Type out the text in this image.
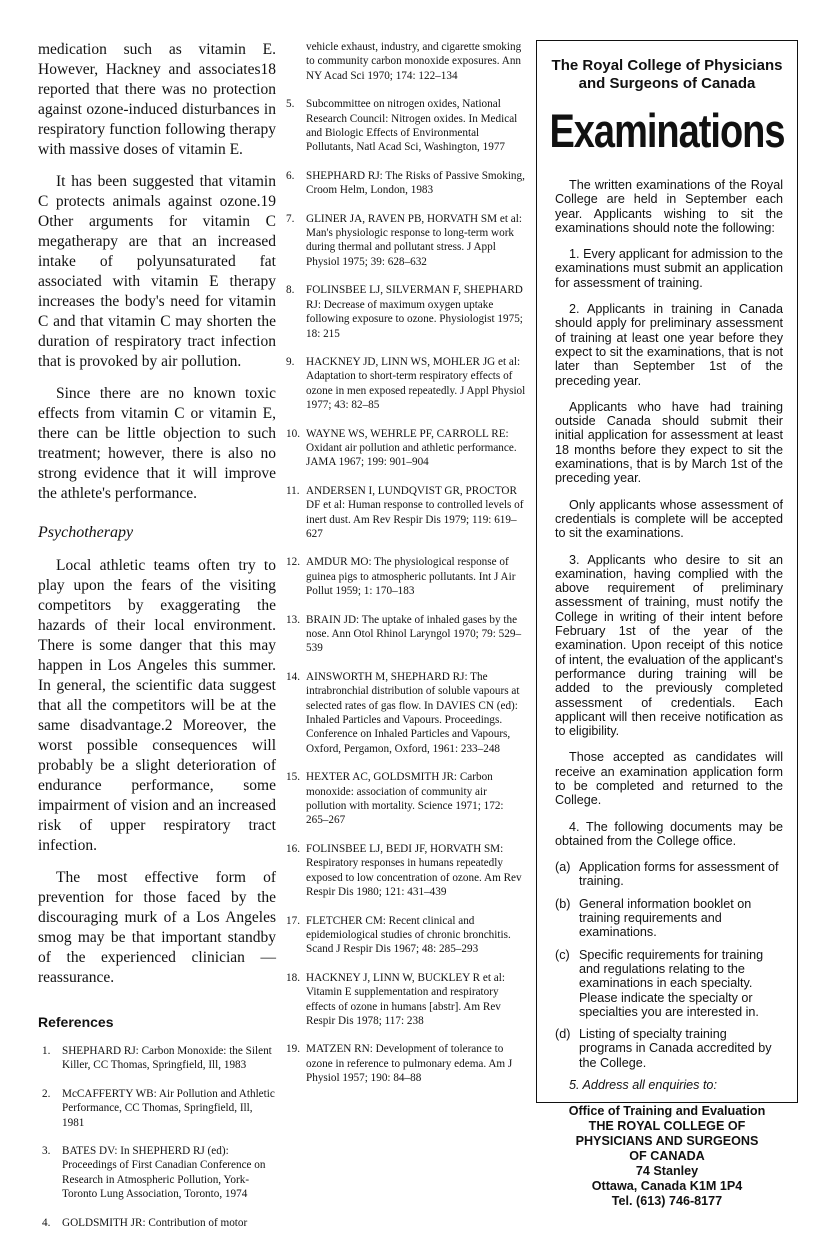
medication such as vitamin E. However, Hackney and associates18 reported that there was no protection against ozone-induced disturbances in respiratory function following therapy with massive doses of vitamin E.

It has been suggested that vitamin C protects animals against ozone.19 Other arguments for vitamin C megatherapy are that an increased intake of polyunsaturated fat associated with vitamin E therapy increases the body's need for vitamin C and that vitamin C may shorten the duration of respiratory tract infection that is provoked by air pollution.

Since there are no known toxic effects from vitamin C or vitamin E, there can be little objection to such treatment; however, there is also no strong evidence that it will improve the athlete's performance.

Psychotherapy

Local athletic teams often try to play upon the fears of the visiting competitors by exaggerating the hazards of their local environment. There is some danger that this may happen in Los Angeles this summer. In general, the scientific data suggest that all the competitors will be at the same disadvantage.2 Moreover, the worst possible consequences will probably be a slight deterioration of endurance performance, some impairment of vision and an increased risk of upper respiratory tract infection.

The most effective form of prevention for those faced by the discouraging murk of a Los Angeles smog may be that important standby of the experienced clinician — reassurance.

References
1. SHEPHARD RJ: Carbon Monoxide: the Silent Killer, CC Thomas, Springfield, Ill, 1983
2. McCAFFERTY WB: Air Pollution and Athletic Performance, CC Thomas, Springfield, Ill, 1981
3. BATES DV: In SHEPHERD RJ (ed): Proceedings of First Canadian Conference on Research in Atmospheric Pollution, York-Toronto Lung Association, Toronto, 1974
4. GOLDSMITH JR: Contribution of motor
vehicle exhaust, industry, and cigarette smoking to community carbon monoxide exposures. Ann NY Acad Sci 1970; 174: 122–134
5. Subcommittee on nitrogen oxides, National Research Council: Nitrogen oxides. In Medical and Biologic Effects of Environmental Pollutants, Natl Acad Sci, Washington, 1977
6. SHEPHARD RJ: The Risks of Passive Smoking, Croom Helm, London, 1983
7. GLINER JA, RAVEN PB, HORVATH SM et al: Man's physiologic response to long-term work during thermal and pollutant stress. J Appl Physiol 1975; 39: 628–632
8. FOLINSBEE LJ, SILVERMAN F, SHEPHARD RJ: Decrease of maximum oxygen uptake following exposure to ozone. Physiologist 1975; 18: 215
9. HACKNEY JD, LINN WS, MOHLER JG et al: Adaptation to short-term respiratory effects of ozone in men exposed repeatedly. J Appl Physiol 1977; 43: 82–85
10. WAYNE WS, WEHRLE PF, CARROLL RE: Oxidant air pollution and athletic performance. JAMA 1967; 199: 901–904
11. ANDERSEN I, LUNDQVIST GR, PROCTOR DF et al: Human response to controlled levels of inert dust. Am Rev Respir Dis 1979; 119: 619–627
12. AMDUR MO: The physiological response of guinea pigs to atmospheric pollutants. Int J Air Pollut 1959; 1: 170–183
13. BRAIN JD: The uptake of inhaled gases by the nose. Ann Otol Rhinol Laryngol 1970; 79: 529–539
14. AINSWORTH M, SHEPHARD RJ: The intrabronchial distribution of soluble vapours at selected rates of gas flow. In DAVIES CN (ed): Inhaled Particles and Vapours. Proceedings. Conference on Inhaled Particles and Vapours, Oxford, Pergamon, Oxford, 1961: 233–248
15. HEXTER AC, GOLDSMITH JR: Carbon monoxide: association of community air pollution with mortality. Science 1971; 172: 265–267
16. FOLINSBEE LJ, BEDI JF, HORVATH SM: Respiratory responses in humans repeatedly exposed to low concentration of ozone. Am Rev Respir Dis 1980; 121: 431–439
17. FLETCHER CM: Recent clinical and epidemiological studies of chronic bronchitis. Scand J Respir Dis 1967; 48: 285–293
18. HACKNEY J, LINN W, BUCKLEY R et al: Vitamin E supplementation and respiratory effects of ozone in humans [abstr]. Am Rev Respir Dis 1978; 117: 238
19. MATZEN RN: Development of tolerance to ozone in reference to pulmonary edema. Am J Physiol 1957; 190: 84–88
The Royal College of Physicians and Surgeons of Canada
Examinations

The written examinations of the Royal College are held in September each year. Applicants wishing to sit the examinations should note the following:

1. Every applicant for admission to the examinations must submit an application for assessment of training.

2. Applicants in training in Canada should apply for preliminary assessment of training at least one year before they expect to sit the examinations, that is not later than September 1st of the preceding year.

Applicants who have had training outside Canada should submit their initial application for assessment at least 18 months before they expect to sit the examinations, that is by March 1st of the preceding year.

Only applicants whose assessment of credentials is complete will be accepted to sit the examinations.

3. Applicants who desire to sit an examination, having complied with the above requirement of preliminary assessment of training, must notify the College in writing of their intent before February 1st of the year of the examination. Upon receipt of this notice of intent, the evaluation of the applicant's performance during training will be added to the previously completed assessment of credentials. Each applicant will then receive notification as to eligibility.

Those accepted as candidates will receive an examination application form to be completed and returned to the College.

4. The following documents may be obtained from the College office.

(a) Application forms for assessment of training.
(b) General information booklet on training requirements and examinations.
(c) Specific requirements for training and regulations relating to the examinations in each specialty. Please indicate the specialty or specialties you are interested in.
(d) Listing of specialty training programs in Canada accredited by the College.

5. Address all enquiries to:

Office of Training and Evaluation
THE ROYAL COLLEGE OF
PHYSICIANS AND SURGEONS
OF CANADA
74 Stanley
Ottawa, Canada K1M 1P4
Tel. (613) 746-8177
